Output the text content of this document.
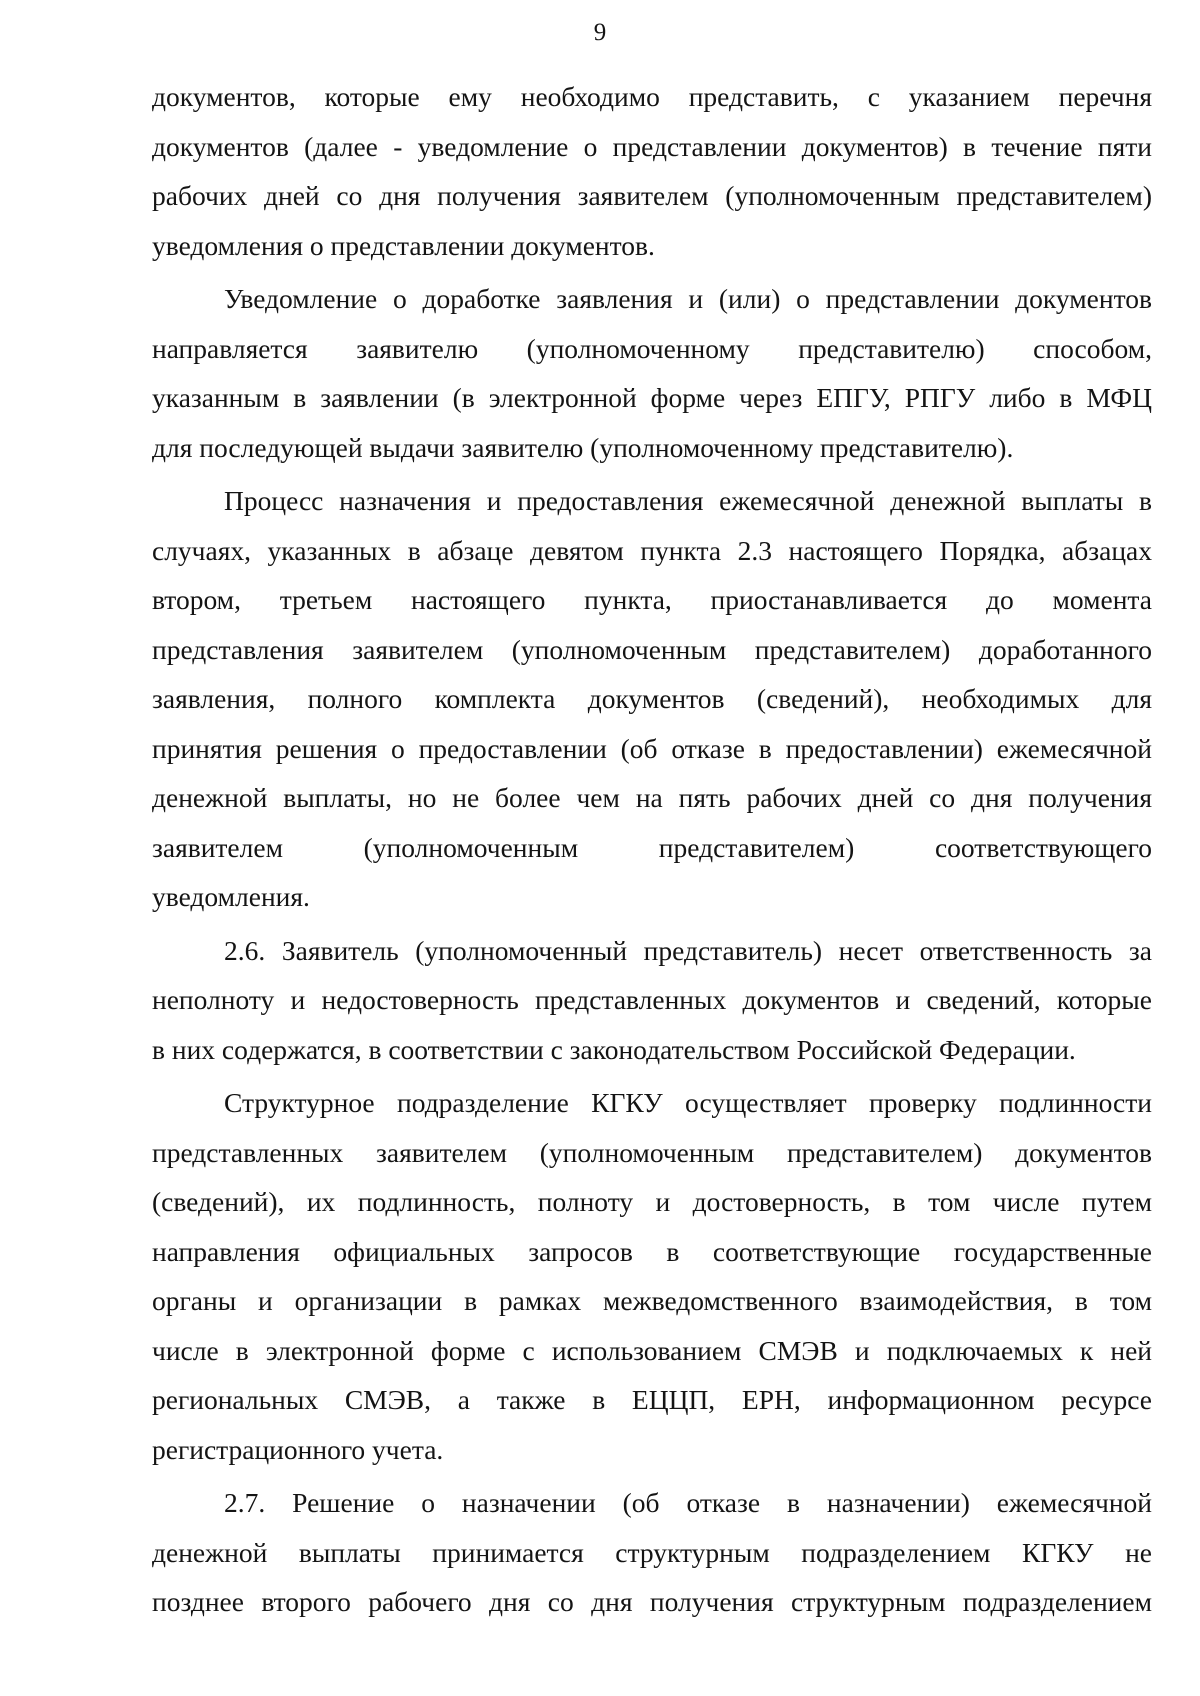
9
документов, которые ему необходимо представить, с указанием перечня
документов (далее - уведомление о представлении документов) в течение пяти
рабочих дней со дня получения заявителем (уполномоченным представителем)
уведомления о представлении документов.
Уведомление о доработке заявления и (или) о представлении документов
направляется заявителю (уполномоченному представителю) способом,
указанным в заявлении (в электронной форме через ЕПГУ, РПГУ либо в МФЦ
для последующей выдачи заявителю (уполномоченному представителю).
Процесс назначения и предоставления ежемесячной денежной выплаты в
случаях, указанных в абзаце девятом пункта 2.3 настоящего Порядка, абзацах
втором, третьем настоящего пункта, приостанавливается до момента
представления заявителем (уполномоченным представителем) доработанного
заявления, полного комплекта документов (сведений), необходимых для
принятия решения о предоставлении (об отказе в предоставлении) ежемесячной
денежной выплаты, но не более чем на пять рабочих дней со дня получения
заявителем (уполномоченным представителем) соответствующего
уведомления.
2.6. Заявитель (уполномоченный представитель) несет ответственность за
неполноту и недостоверность представленных документов и сведений, которые
в них содержатся, в соответствии с законодательством Российской Федерации.
Структурное подразделение КГКУ осуществляет проверку подлинности
представленных заявителем (уполномоченным представителем) документов
(сведений), их подлинность, полноту и достоверность, в том числе путем
направления официальных запросов в соответствующие государственные
органы и организации в рамках межведомственного взаимодействия, в том
числе в электронной форме с использованием СМЭВ и подключаемых к ней
региональных СМЭВ, а также в ЕЦЦП, ЕРН, информационном ресурсе
регистрационного учета.
2.7. Решение о назначении (об отказе в назначении) ежемесячной
денежной выплаты принимается структурным подразделением КГКУ не
позднее второго рабочего дня со дня получения структурным подразделением
